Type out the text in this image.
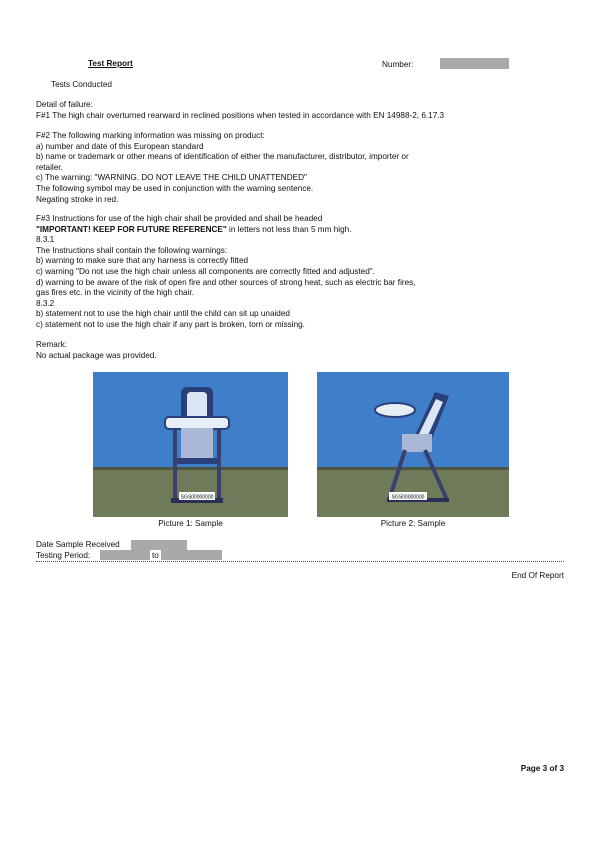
Test Report	Number:
Tests Conducted
Detail of failure:
F#1 The high chair overturned rearward in reclined positions when tested in accordance with EN 14988-2, 6.17.3
F#2 The following marking information was missing on product:
a) number and date of this European standard
b) name or trademark or other means of identification of either the manufacturer, distributor, importer or
retailer.
c) The warning: "WARNING. DO NOT LEAVE THE CHILD UNATTENDED"
The following symbol may be used in conjunction with the warning sentence.
Negating stroke in red.
F#3 Instructions for use of the high chair shall be provided and shall be headed
"IMPORTANT! KEEP FOR FUTURE REFERENCE" in letters not less than 5 mm high.
8.3.1
The Instructions shall contain the following warnings:
b) warning to make sure that any harness is correctly fitted
c) warning "Do not use the high chair unless all components are correctly fitted and adjusted".
d) warning to be aware of the risk of open fire and other sources of strong heat, such as electric bar fires,
gas fires etc. in the vicinity of the high chair.
8.3.2
b) statement not to use the high chair until the child can sit up unaided
c) statement not to use the high chair if any part is broken, torn or missing.
Remark:
No actual package was provided.
SGS00000000
Picture 1: Sample
SGS00000000
Picture 2: Sample
Date Sample Received
Testing Period:	to
End Of Report
Page 3 of 3
